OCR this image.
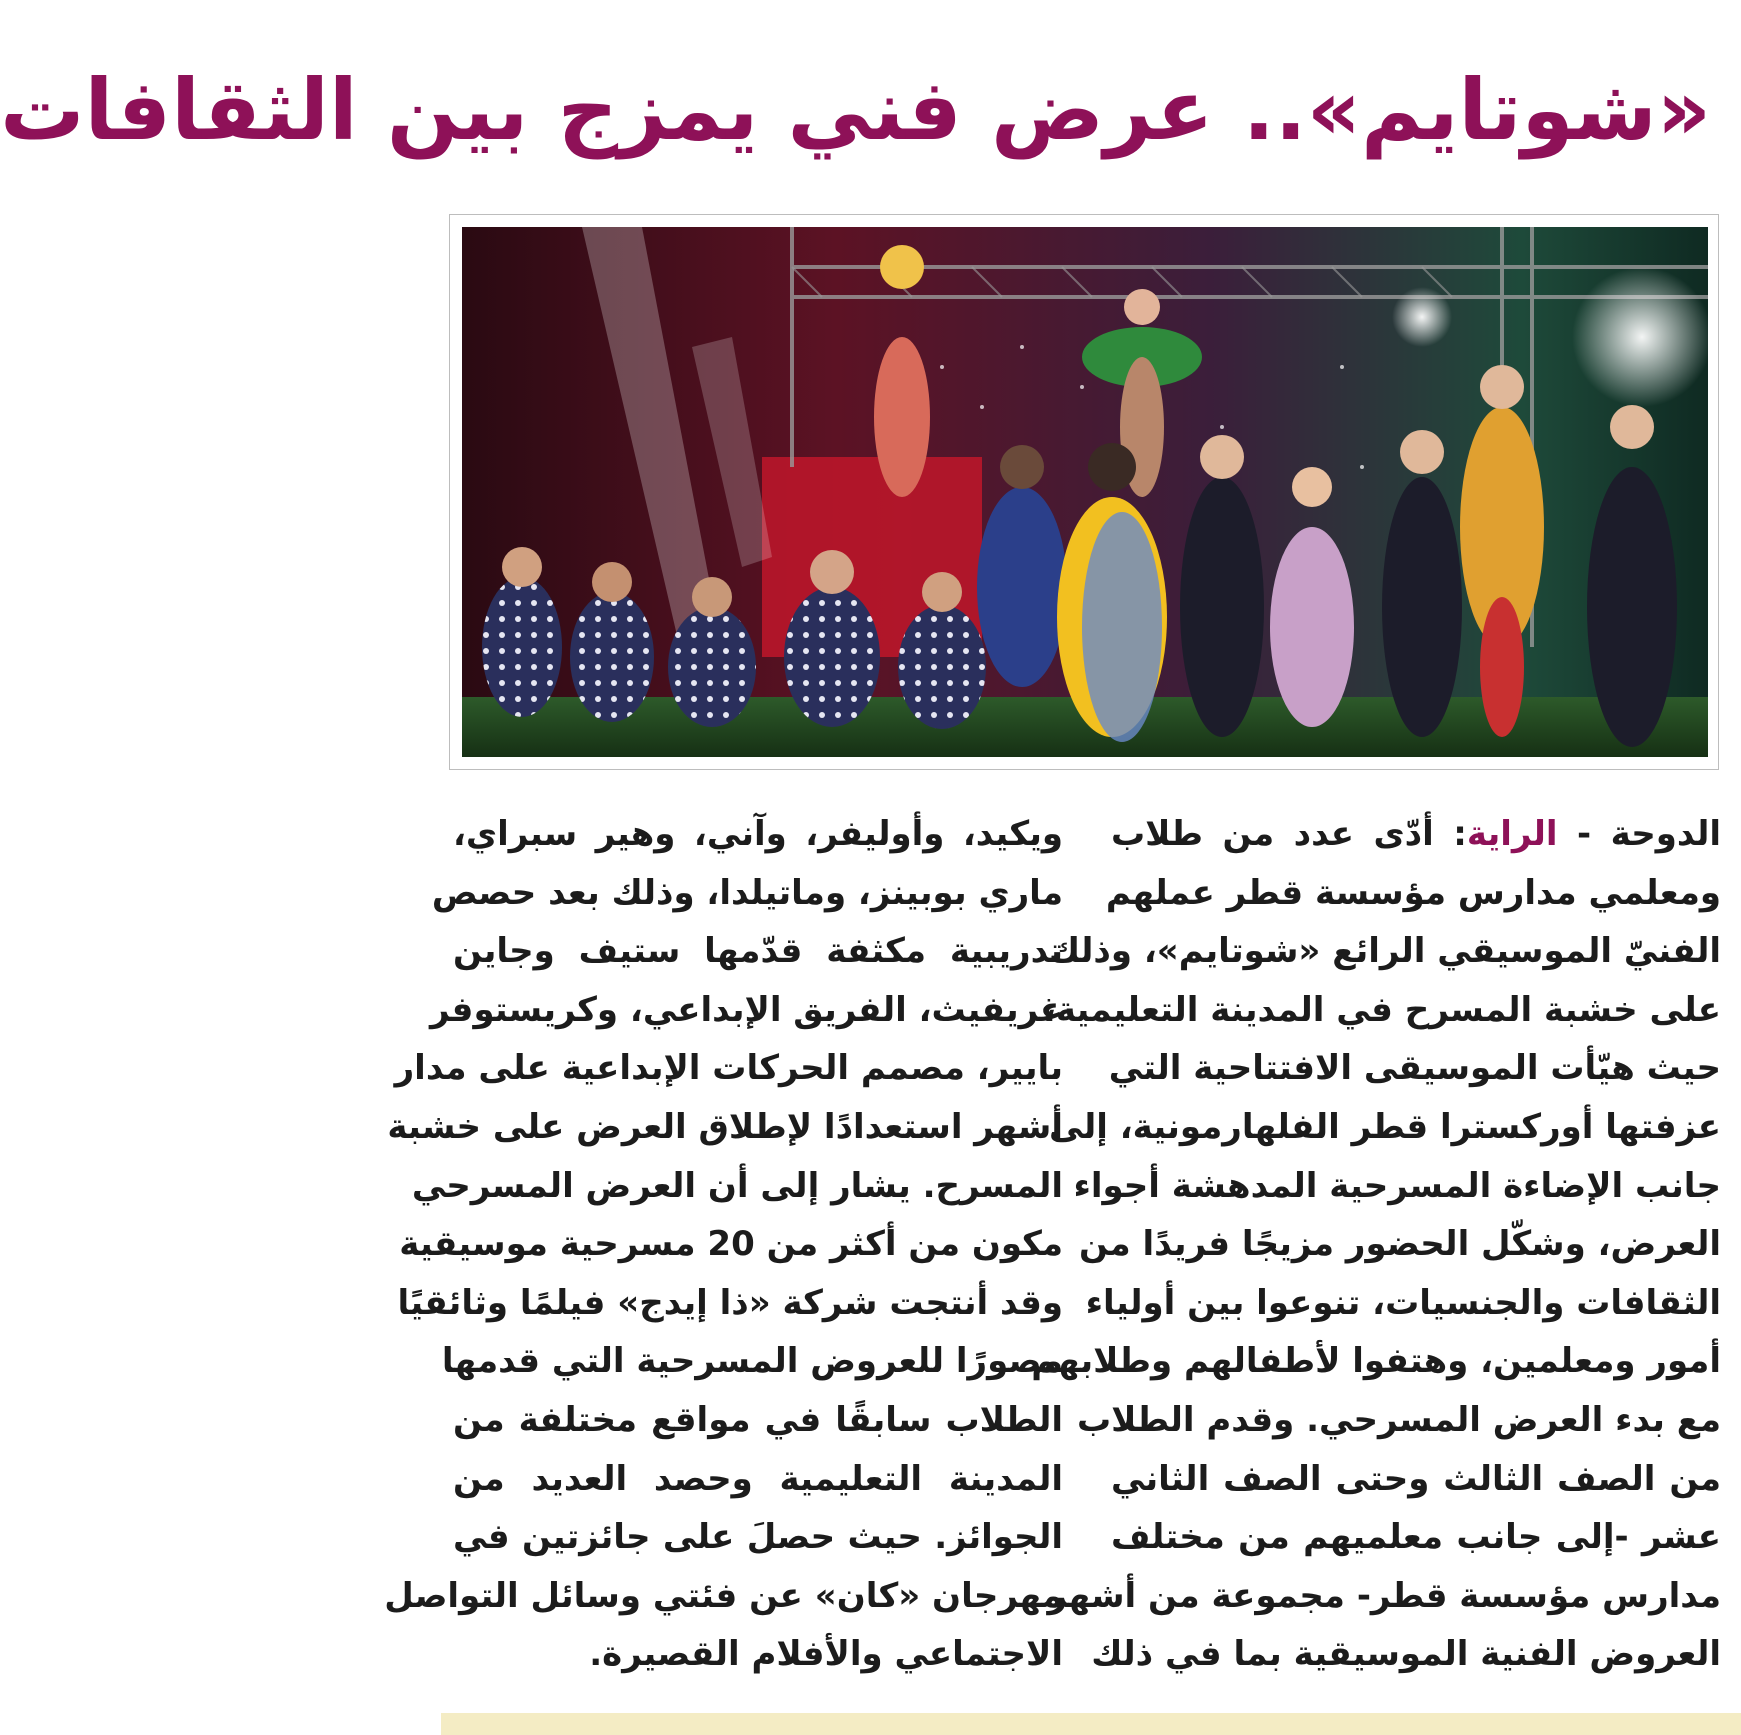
«شوتايم».. عرض فني يمزج بين الثقافات
الدوحة - الراية: أدّى عدد من طلاب
ومعلمي مدارس مؤسسة قطر عملهم
الفنيّ الموسيقي الرائع «شوتايم»، وذلك
على خشبة المسرح في المدينة التعليمية،
حيث هيّأت الموسيقى الافتتاحية التي
عزفتها أوركسترا قطر الفلهارمونية، إلى
جانب الإضاءة المسرحية المدهشة أجواء
العرض، وشكّل الحضور مزيجًا فريدًا من
الثقافات والجنسيات، تنوعوا بين أولياء
أمور ومعلمين، وهتفوا لأطفالهم وطلابهم
مع بدء العرض المسرحي. وقدم الطلاب
من الصف الثالث وحتى الصف الثاني
عشر -إلى جانب معلميهم من مختلف
مدارس مؤسسة قطر- مجموعة من أشهر
العروض الفنية الموسيقية بما في ذلك
ويكيد، وأوليفر، وآني، وهير سبراي،
ماري بوبينز، وماتيلدا، وذلك بعد حصص
تدريبية مكثفة قدّمها ستيف وجاين
غريفيث، الفريق الإبداعي، وكريستوفر
بايير، مصمم الحركات الإبداعية على مدار
أشهر استعدادًا لإطلاق العرض على خشبة
المسرح. يشار إلى أن العرض المسرحي
مكون من أكثر من 20 مسرحية موسيقية
وقد أنتجت شركة «ذا إيدج» فيلمًا وثائقيًا
مصورًا للعروض المسرحية التي قدمها
الطلاب سابقًا في مواقع مختلفة من
المدينة التعليمية وحصد العديد من
الجوائز. حيث حصلَ على جائزتين في
مهرجان «كان» عن فئتي وسائل التواصل
الاجتماعي والأفلام القصيرة.
